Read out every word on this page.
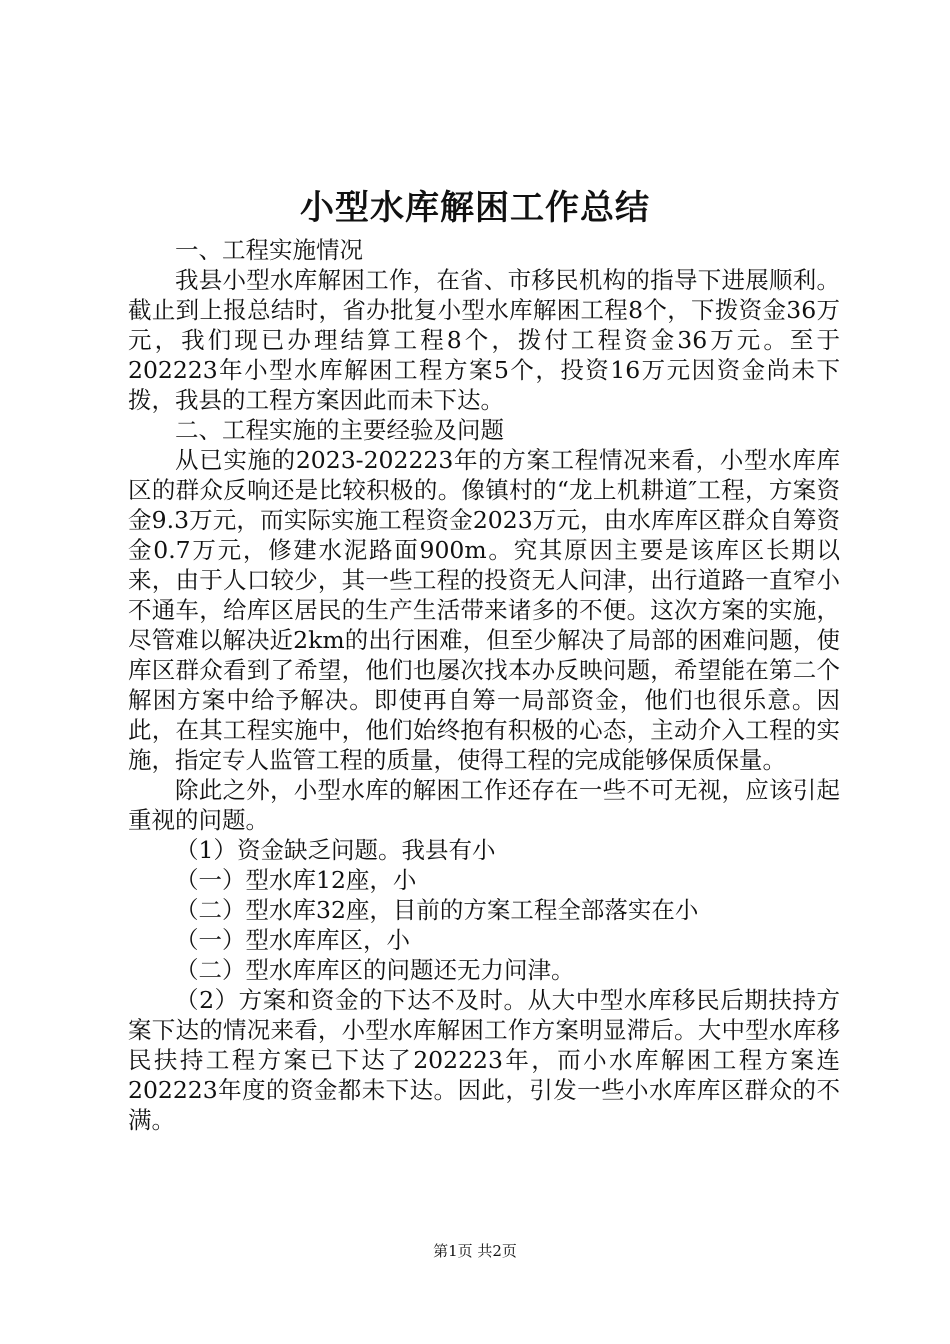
小型水库解困工作总结

一、工程实施情况

我县小型水库解困工作，在省、市移民机构的指导下进展顺利。截止到上报总结时，省办批复小型水库解困工程8个，下拨资金36万元，我们现已办理结算工程8个，拨付工程资金36万元。至于202223年小型水库解困工程方案5个，投资16万元因资金尚未下拨，我县的工程方案因此而未下达。

二、工程实施的主要经验及问题

从已实施的2023-202223年的方案工程情况来看，小型水库库区的群众反响还是比较积极的。像镇村的“龙上机耕道″工程，方案资金9.3万元，而实际实施工程资金2023万元，由水库库区群众自筹资金0.7万元，修建水泥路面900m。究其原因主要是该库区长期以来，由于人口较少，其一些工程的投资无人问津，出行道路一直窄小不通车，给库区居民的生产生活带来诸多的不便。这次方案的实施，尽管难以解决近2km的出行困难，但至少解决了局部的困难问题，使库区群众看到了希望，他们也屡次找本办反映问题，希望能在第二个解困方案中给予解决。即使再自筹一局部资金，他们也很乐意。因此，在其工程实施中，他们始终抱有积极的心态，主动介入工程的实施，指定专人监管工程的质量，使得工程的完成能够保质保量。

除此之外，小型水库的解困工作还存在一些不可无视，应该引起重视的问题。

（1）资金缺乏问题。我县有小

（一）型水库12座，小

（二）型水库32座，目前的方案工程全部落实在小

（一）型水库库区，小

（二）型水库库区的问题还无力问津。

（2）方案和资金的下达不及时。从大中型水库移民后期扶持方案下达的情况来看，小型水库解困工作方案明显滞后。大中型水库移民扶持工程方案已下达了202223年，而小水库解困工程方案连202223年度的资金都未下达。因此，引发一些小水库库区群众的不满。

第1页 共2页
